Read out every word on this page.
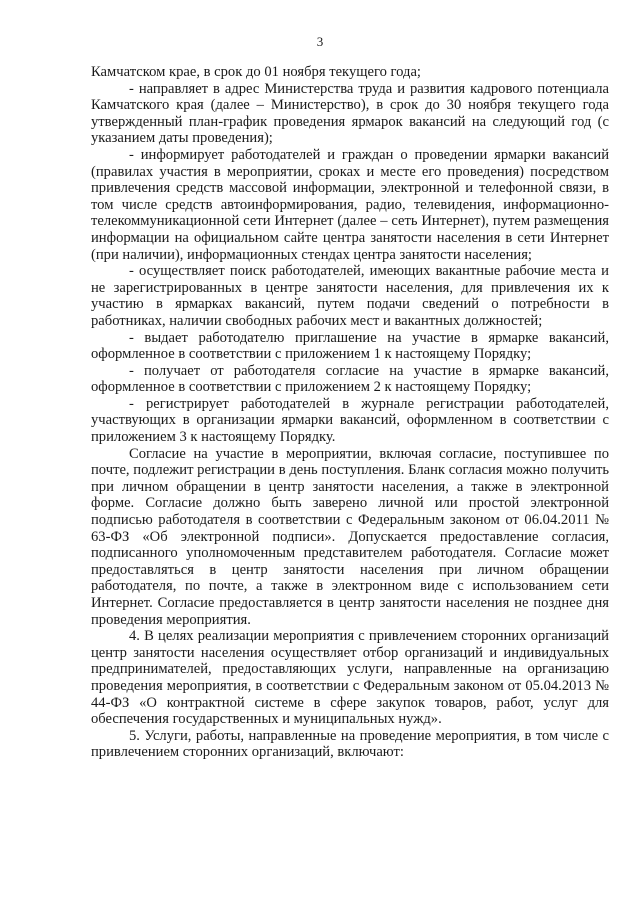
3

Камчатском крае, в срок до 01 ноября текущего года;

- направляет в адрес Министерства труда и развития кадрового потенциала Камчатского края (далее – Министерство), в срок до 30 ноября текущего года утвержденный план-график проведения ярмарок вакансий на следующий год (с указанием даты проведения);

- информирует работодателей и граждан о проведении ярмарки вакансий (правилах участия в мероприятии, сроках и месте его проведения) посредством привлечения средств массовой информации, электронной и телефонной связи, в том числе средств автоинформирования, радио, телевидения, информационно-телекоммуникационной сети Интернет (далее – сеть Интернет), путем размещения информации на официальном сайте центра занятости населения в сети Интернет (при наличии), информационных стендах центра занятости населения;

- осуществляет поиск работодателей, имеющих вакантные рабочие места и не зарегистрированных в центре занятости населения, для привлечения их к участию в ярмарках вакансий, путем подачи сведений о потребности в работниках, наличии свободных рабочих мест и вакантных должностей;

- выдает работодателю приглашение на участие в ярмарке вакансий, оформленное в соответствии с приложением 1 к настоящему Порядку;

- получает от работодателя согласие на участие в ярмарке вакансий, оформленное в соответствии с приложением 2 к настоящему Порядку;

- регистрирует работодателей в журнале регистрации работодателей, участвующих в организации ярмарки вакансий, оформленном в соответствии с приложением 3 к настоящему Порядку.

Согласие на участие в мероприятии, включая согласие, поступившее по почте, подлежит регистрации в день поступления. Бланк согласия можно получить при личном обращении в центр занятости населения, а также в электронной форме. Согласие должно быть заверено личной или простой электронной подписью работодателя в соответствии с Федеральным законом от 06.04.2011 № 63-ФЗ «Об электронной подписи». Допускается предоставление согласия, подписанного уполномоченным представителем работодателя. Согласие может предоставляться в центр занятости населения при личном обращении работодателя, по почте, а также в электронном виде с использованием сети Интернет. Согласие предоставляется в центр занятости населения не позднее дня проведения мероприятия.

4. В целях реализации мероприятия с привлечением сторонних организаций центр занятости населения осуществляет отбор организаций и индивидуальных предпринимателей, предоставляющих услуги, направленные на организацию проведения мероприятия, в соответствии с Федеральным законом от 05.04.2013 № 44-ФЗ «О контрактной системе в сфере закупок товаров, работ, услуг для обеспечения государственных и муниципальных нужд».

5. Услуги, работы, направленные на проведение мероприятия, в том числе с привлечением сторонних организаций, включают:
